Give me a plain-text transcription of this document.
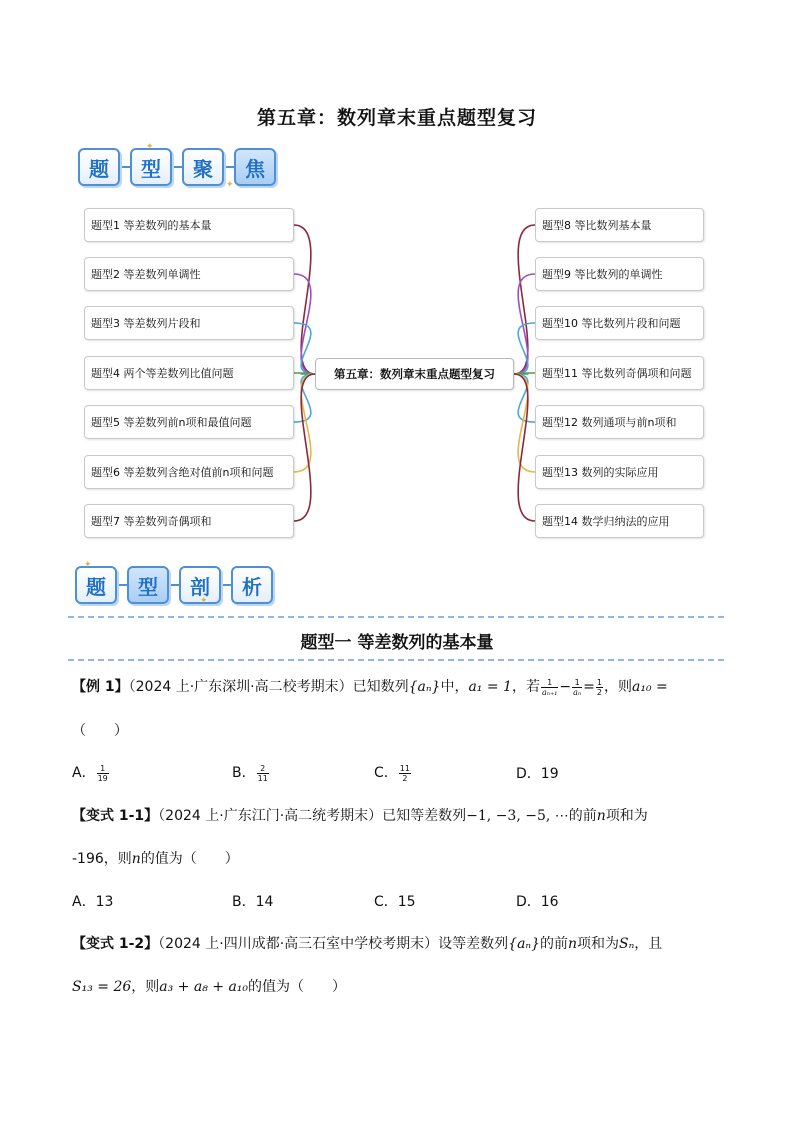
第五章：数列章末重点题型复习
题	型	聚	焦
✦
✦
题型1 等差数列的基本量
题型2 等差数列单调性
题型3 等差数列片段和
题型4 两个等差数列比值问题
题型5 等差数列前n项和最值问题
题型6 等差数列含绝对值前n项和问题
题型7 等差数列奇偶项和
题型8 等比数列基本量
题型9 等比数列的单调性
题型10 等比数列片段和问题
题型11 等比数列奇偶项和问题
题型12 数列通项与前n项和
题型13 数列的实际应用
题型14 数学归纳法的应用
第五章：数列章末重点题型复习
题	型	剖	析
✦
✦
题型一 等差数列的基本量
【例 1】（2024 上·广东深圳·高二校考期末）已知数列{aₙ}中，a₁ = 1，若 $\frac{1}{\text{aₙ₊₁}} - \frac{1}{\text{aₙ}} = \frac{1}{2}$ ，则a₁₀ =
（　　）
A． $\frac{1}{19}$	B． $\frac{2}{11}$	C． $\frac{11}{2}$	D．19
【变式 1-1】（2024 上·广东江门·高二统考期末）已知等差数列−1, −3, −5, ⋯的前n项和为
-196，则n的值为（　　）
A．13	B．14	C．15	D．16
【变式 1-2】（2024 上·四川成都·高三石室中学校考期末）设等差数列{aₙ}的前n项和为Sₙ，且
S₁₃ = 26，则a₃ + a₈ + a₁₀的值为（　　）
